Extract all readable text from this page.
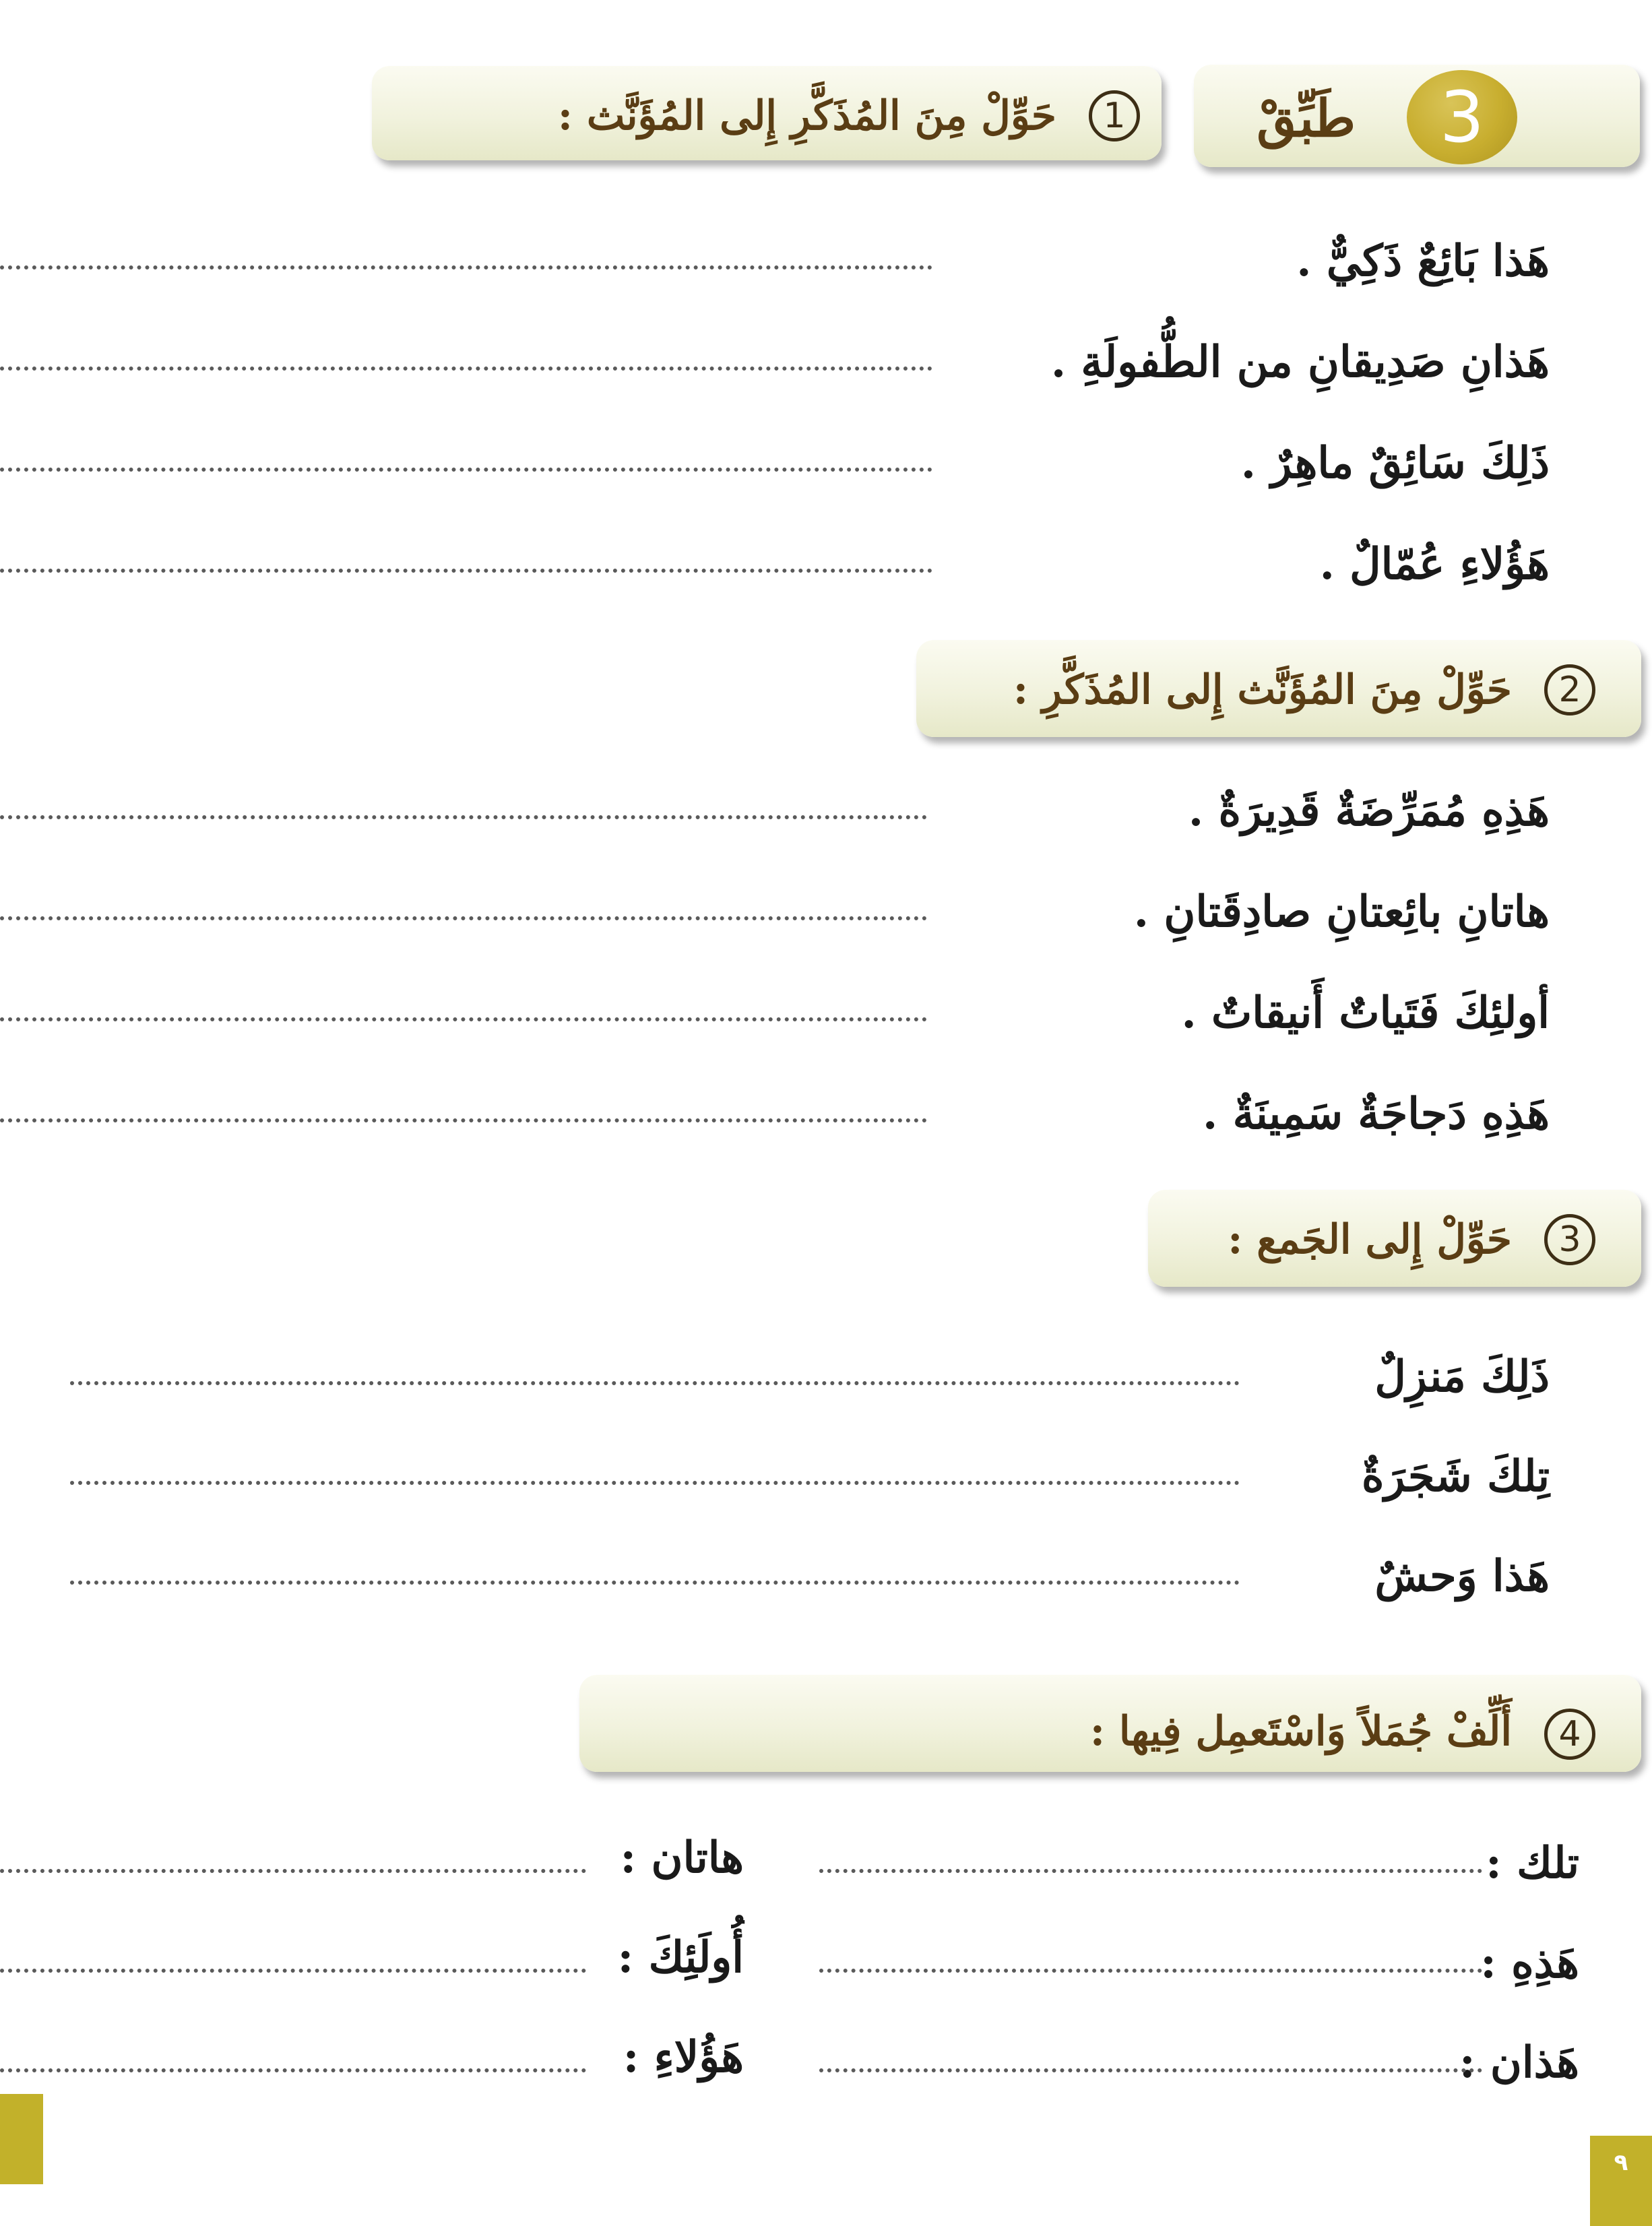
3
طَبِّقْ
1
حَوِّلْ مِنَ المُذَكَّرِ إِلى المُؤَنَّث :
هَذا بَائِعٌ ذَكِيٌّ .
هَذانِ صَدِيقانِ من الطُّفولَةِ .
ذَلِكَ سَائِقٌ ماهِرٌ .
هَؤُلاءِ عُمّالٌ .
2
حَوِّلْ مِنَ المُؤَنَّث إِلى المُذَكَّرِ :
هَذِهِ مُمَرِّضَةٌ قَدِيرَةٌ .
هاتانِ بائِعتانِ صادِقَتانِ .
أولئِكَ فَتَياتٌ أَنيقاتٌ .
هَذِهِ دَجاجَةٌ سَمِينَةٌ .
3
حَوِّلْ إِلى الجَمع :
ذَلِكَ مَنزِلٌ
تِلكَ شَجَرَةٌ
هَذا وَحشٌ
4
أَلِّفْ جُمَلاً وَاسْتَعمِل فِيها :
تلك :
هَذِهِ :
هَذان :
هاتان :
أُولَئِكَ :
هَؤُلاءِ :
٩
